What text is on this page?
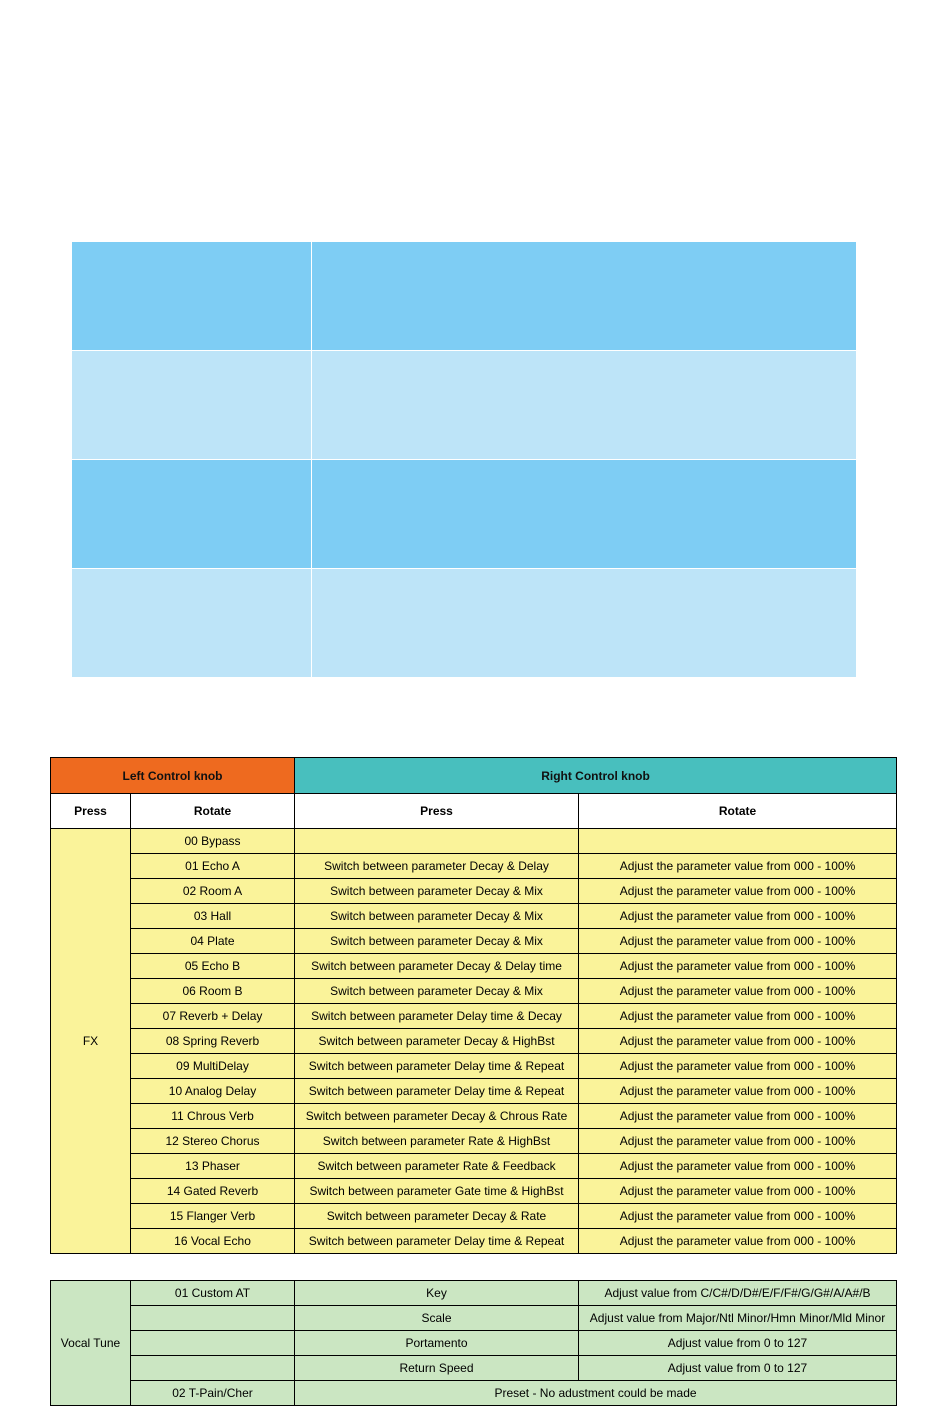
Left Control knob		Right Control knob	
Press	Rotate	Press	Rotate
FX	00 Bypass		
	01 Echo A	Switch between parameter Decay & Delay	Adjust the parameter value from 000 - 100%
	02 Room A	Switch between parameter Decay & Mix	Adjust the parameter value from 000 - 100%
	03 Hall	Switch between parameter Decay & Mix	Adjust the parameter value from 000 - 100%
	04 Plate	Switch between parameter Decay & Mix	Adjust the parameter value from 000 - 100%
	05 Echo B	Switch between parameter Decay & Delay time	Adjust the parameter value from 000 - 100%
	06 Room B	Switch between parameter Decay & Mix	Adjust the parameter value from 000 - 100%
	07 Reverb + Delay	Switch between parameter Delay time & Decay	Adjust the parameter value from 000 - 100%
	08 Spring Reverb	Switch between parameter Decay & HighBst	Adjust the parameter value from 000 - 100%
	09 MultiDelay	Switch between parameter Delay time & Repeat	Adjust the parameter value from 000 - 100%
	10 Analog Delay	Switch between parameter Delay time & Repeat	Adjust the parameter value from 000 - 100%
	11 Chrous Verb	Switch between parameter Decay & Chrous Rate	Adjust the parameter value from 000 - 100%
	12 Stereo Chorus	Switch between parameter Rate & HighBst	Adjust the parameter value from 000 - 100%
	13 Phaser	Switch between parameter Rate & Feedback	Adjust the parameter value from 000 - 100%
	14 Gated Reverb	Switch between parameter Gate time & HighBst	Adjust the parameter value from 000 - 100%
	15 Flanger Verb	Switch between parameter Decay & Rate	Adjust the parameter value from 000 - 100%
	16 Vocal Echo	Switch between parameter Delay time & Repeat	Adjust the parameter value from 000 - 100%
Vocal Tune	01 Custom AT	Key	Adjust value from C/C#/D/D#/E/F/F#/G/G#/A/A#/B
		Scale	Adjust value from Major/Ntl Minor/Hmn Minor/Mld Minor
		Portamento	Adjust value from 0 to 127
		Return Speed	Adjust value from 0 to 127
	02 T-Pain/Cher	Preset - No adustment could be made	
